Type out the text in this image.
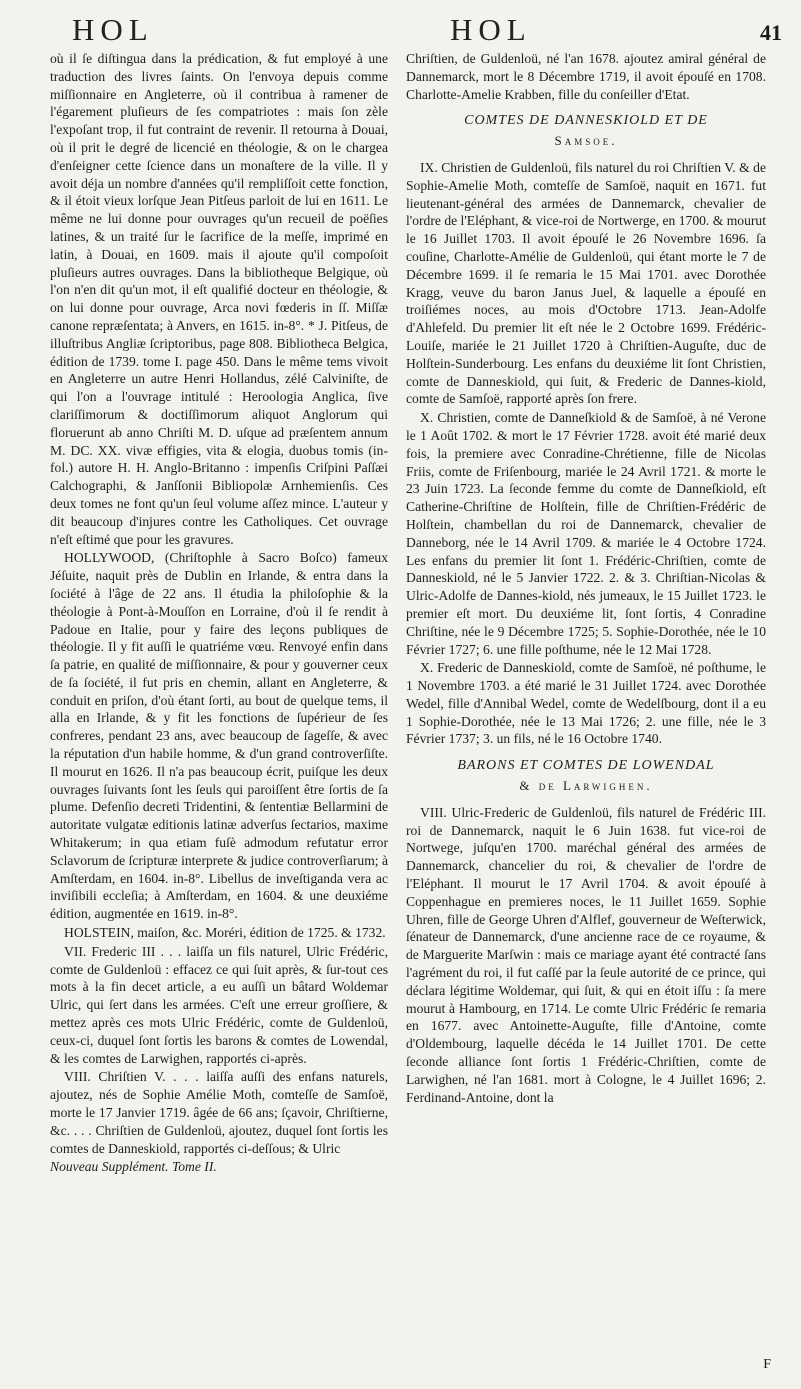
HOL	HOL	41

où il ſe diſtingua dans la prédication, & fut employé à une traduction des livres ſaints. On l'envoya depuis comme miſſionnaire en Angleterre, où il contribua à ramener de l'égarement pluſieurs de ſes compatriotes : mais ſon zèle l'expoſant trop, il fut contraint de revenir. Il retourna à Douai, où il prit le degré de licencié en théologie, & on le chargea d'enſeigner cette ſcience dans un monaſtere de la ville. Il y avoit déja un nombre d'années qu'il rempliſſoit cette fonction, & il étoit vieux lorſque Jean Pitſeus parloit de lui en 1611. Le même ne lui donne pour ouvrages qu'un recueil de poëſies latines, & un traité ſur le ſacrifice de la meſſe, imprimé en latin, à Douai, en 1609. mais il ajoute qu'il compoſoit pluſieurs autres ouvrages. Dans la bibliotheque Belgique, où l'on n'en dit qu'un mot, il eſt qualifié docteur en théologie, & on lui donne pour ouvrage, Arca novi fœderis in ſſ. Miſſæ canone repræſentata; à Anvers, en 1615. in-8°. * J. Pitſeus, de illuſtribus Angliæ ſcriptoribus, page 808. Bibliotheca Belgica, édition de 1739. tome I. page 450. Dans le même tems vivoit en Angleterre un autre Henri Hollandus, zélé Calviniſte, de qui l'on a l'ouvrage intitulé : Heroologia Anglica, ſive clariſſimorum & doctiſſimorum aliquot Anglorum qui floruerunt ab anno Chriſti M. D. uſque ad præſentem annum M. DC. XX. vivæ effigies, vita & elogia, duobus tomis (in-fol.) autore H. H. Anglo-Britanno : impenſis Criſpini Paſſæi Calchographi, & Janſſonii Bibliopolæ Arnhemienſis. Ces deux tomes ne font qu'un ſeul volume aſſez mince. L'auteur y dit beaucoup d'injures contre les Catholiques. Cet ouvrage n'eſt eſtimé que pour les gravures.

HOLLYWOOD, (Chriſtophle à Sacro Boſco) fameux Jéſuite, naquit près de Dublin en Irlande, & entra dans la ſociété à l'âge de 22 ans. Il étudia la philoſophie & la théologie à Pont-à-Mouſſon en Lorraine, d'où il ſe rendit à Padoue en Italie, pour y faire des leçons publiques de théologie. Il y fit auſſi le quatriéme vœu. Renvoyé enfin dans ſa patrie, en qualité de miſſionnaire, & pour y gouverner ceux de ſa ſociété, il fut pris en chemin, allant en Angleterre, & conduit en priſon, d'où étant ſorti, au bout de quelque tems, il alla en Irlande, & y fit les fonctions de ſupérieur de ſes confreres, pendant 23 ans, avec beaucoup de ſageſſe, & avec la réputation d'un habile homme, & d'un grand controverſiſte. Il mourut en 1626. Il n'a pas beaucoup écrit, puiſque les deux ouvrages ſuivants ſont les ſeuls qui paroiſſent être ſortis de ſa plume. Defenſio decreti Tridentini, & ſententiæ Bellarmini de autoritate vulgatæ editionis latinæ adverſus ſectarios, maxime Whitakerum; in qua etiam fuſè admodum refutatur error Sclavorum de ſcripturæ interprete & judice controverſiarum; à Amſterdam, en 1604. in-8°. Libellus de inveſtiganda vera ac inviſibili eccleſia; à Amſterdam, en 1604. & une deuxiéme édition, augmentée en 1619. in-8°.

HOLSTEIN, maiſon, &c. Moréri, édition de 1725. & 1732.

VII. Frederic III . . . laiſſa un fils naturel, Ulric Frédéric, comte de Guldenloü : effacez ce qui ſuit après, & ſur-tout ces mots à la fin decet article, a eu auſſi un bâtard Woldemar Ulric, qui ſert dans les armées. C'eſt une erreur groſſiere, & mettez après ces mots Ulric Frédéric, comte de Guldenloü, ceux-ci, duquel ſont ſortis les barons & comtes de Lowendal, & les comtes de Larwighen, rapportés ci-après.

VIII. Chriſtien V. . . . laiſſa auſſi des enfans naturels, ajoutez, nés de Sophie Amélie Moth, comteſſe de Samſoë, morte le 17 Janvier 1719. âgée de 66 ans; ſçavoir, Chriſtierne, &c. . . . Chriſtien de Guldenloü, ajoutez, duquel ſont ſortis les comtes de Danneskiold, rapportés ci-deſſous; & Ulric

Nouveau Supplément. Tome II.

Chriſtien, de Guldenloü, né l'an 1678. ajoutez amiral général de Dannemarck, mort le 8 Décembre 1719, il avoit épouſé en 1708. Charlotte-Amelie Krabben, fille du conſeiller d'Etat.

COMTES DE DANNESKIOLD ET DE
Samsoe.

IX. Christien de Guldenloü, fils naturel du roi Chriſtien V. & de Sophie-Amelie Moth, comteſſe de Samſoë, naquit en 1671. fut lieutenant-général des armées de Dannemarck, chevalier de l'ordre de l'Eléphant, & vice-roi de Nortwerge, en 1700. & mourut le 16 Juillet 1703. Il avoit épouſé le 26 Novembre 1696. ſa couſine, Charlotte-Amélie de Guldenloü, qui étant morte le 7 de Décembre 1699. il ſe remaria le 15 Mai 1701. avec Dorothée Kragg, veuve du baron Janus Juel, & laquelle a épouſé en troiſiémes noces, au mois d'Octobre 1713. Jean-Adolfe d'Ahlefeld. Du premier lit eſt née le 2 Octobre 1699. Frédéric-Louiſe, mariée le 21 Juillet 1720 à Chriſtien-Auguſte, duc de Holſtein-Sunderbourg. Les enfans du deuxiéme lit ſont Christien, comte de Danneskiold, qui ſuit, & Frederic de Dannes-kiold, comte de Samſoë, rapporté après ſon frere.

X. Christien, comte de Danneſkiold & de Samſoë, à né Verone le 1 Août 1702. & mort le 17 Février 1728. avoit été marié deux fois, la premiere avec Conradine-Chrétienne, fille de Nicolas Friis, comte de Friſenbourg, mariée le 24 Avril 1721. & morte le 23 Juin 1723. La ſeconde femme du comte de Danneſkiold, eſt Catherine-Chriſtine de Holſtein, fille de Chriſtien-Frédéric de Holſtein, chambellan du roi de Dannemarck, chevalier de Danneborg, née le 14 Avril 1709. & mariée le 4 Octobre 1724. Les enfans du premier lit ſont 1. Frédéric-Chriſtien, comte de Danneskiold, né le 5 Janvier 1722. 2. & 3. Chriſtian-Nicolas & Ulric-Adolfe de Dannes-kiold, nés jumeaux, le 15 Juillet 1723. le premier eſt mort. Du deuxiéme lit, ſont ſortis, 4 Conradine Chriſtine, née le 9 Décembre 1725; 5. Sophie-Dorothée, née le 10 Février 1727; 6. une fille poſthume, née le 12 Mai 1728.

X. Frederic de Danneskiold, comte de Samſoë, né poſthume, le 1 Novembre 1703. a été marié le 31 Juillet 1724. avec Dorothée Wedel, fille d'Annibal Wedel, comte de Wedelſbourg, dont il a eu 1 Sophie-Dorothée, née le 13 Mai 1726; 2. une fille, née le 3 Février 1737; 3. un fils, né le 16 Octobre 1740.

BARONS ET COMTES DE LOWENDAL
& de Larwighen.

VIII. Ulric-Frederic de Guldenloü, fils naturel de Frédéric III. roi de Dannemarck, naquit le 6 Juin 1638. fut vice-roi de Nortwege, juſqu'en 1700. maréchal général des armées de Dannemarck, chancelier du roi, & chevalier de l'ordre de l'Eléphant. Il mourut le 17 Avril 1704. & avoit épouſé à Coppenhague en premieres noces, le 11 Juillet 1659. Sophie Uhren, fille de George Uhren d'Alflef, gouverneur de Weſterwick, ſénateur de Dannemarck, d'une ancienne race de ce royaume, & de Marguerite Marſwin : mais ce mariage ayant été contracté ſans l'agrément du roi, il fut caſſé par la ſeule autorité de ce prince, qui déclara légitime Woldemar, qui ſuit, & qui en étoit iſſu : ſa mere mourut à Hambourg, en 1714. Le comte Ulric Frédéric ſe remaria en 1677. avec Antoinette-Auguſte, fille d'Antoine, comte d'Oldembourg, laquelle décéda le 14 Juillet 1701. De cette ſeconde alliance ſont ſortis 1 Frédéric-Chriſtien, comte de Larwighen, né l'an 1681. mort à Cologne, le 4 Juillet 1696; 2. Ferdinand-Antoine, dont la

F
